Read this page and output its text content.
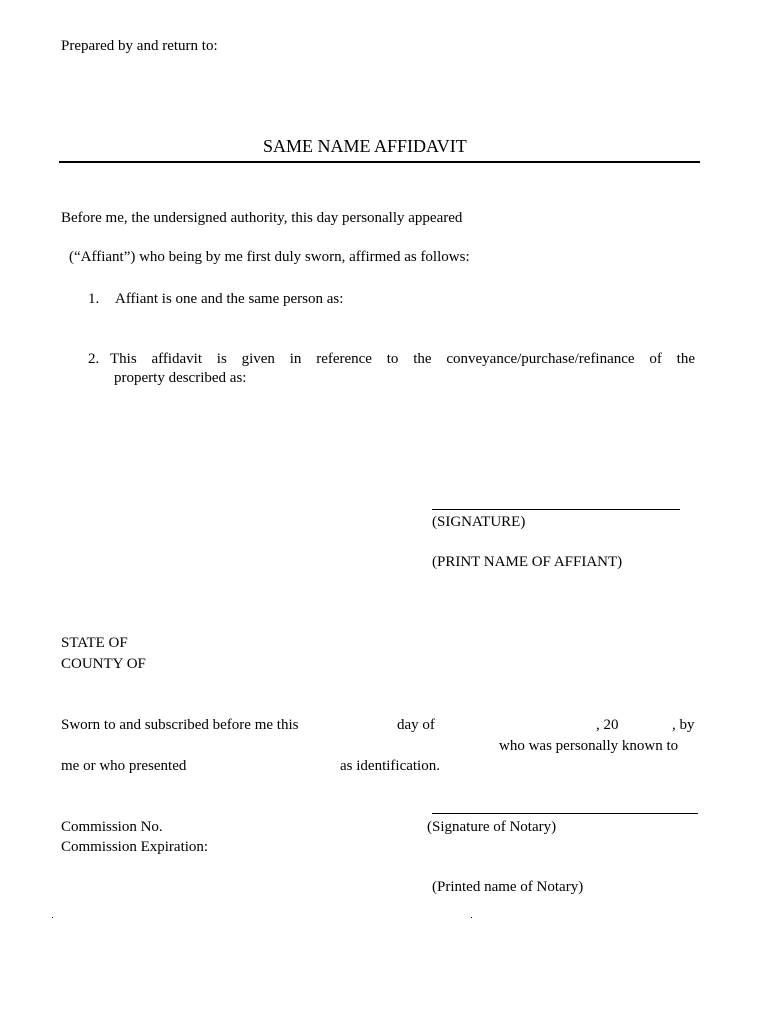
Prepared by and return to:
SAME NAME AFFIDAVIT
Before me, the undersigned authority, this day personally appeared
(“Affiant”) who being by me first duly sworn, affirmed as follows:
1. Affiant is one and the same person as:
2. This affidavit is given in reference to the conveyance/purchase/refinance of the
property described as:
(SIGNATURE)
(PRINT NAME OF AFFIANT)
STATE OF
COUNTY OF
Sworn to and subscribed before me this	day of	, 20	, by
who was personally known to
me or who presented	as identification.
Commission No.	(Signature of Notary)
Commission Expiration:
(Printed name of Notary)
